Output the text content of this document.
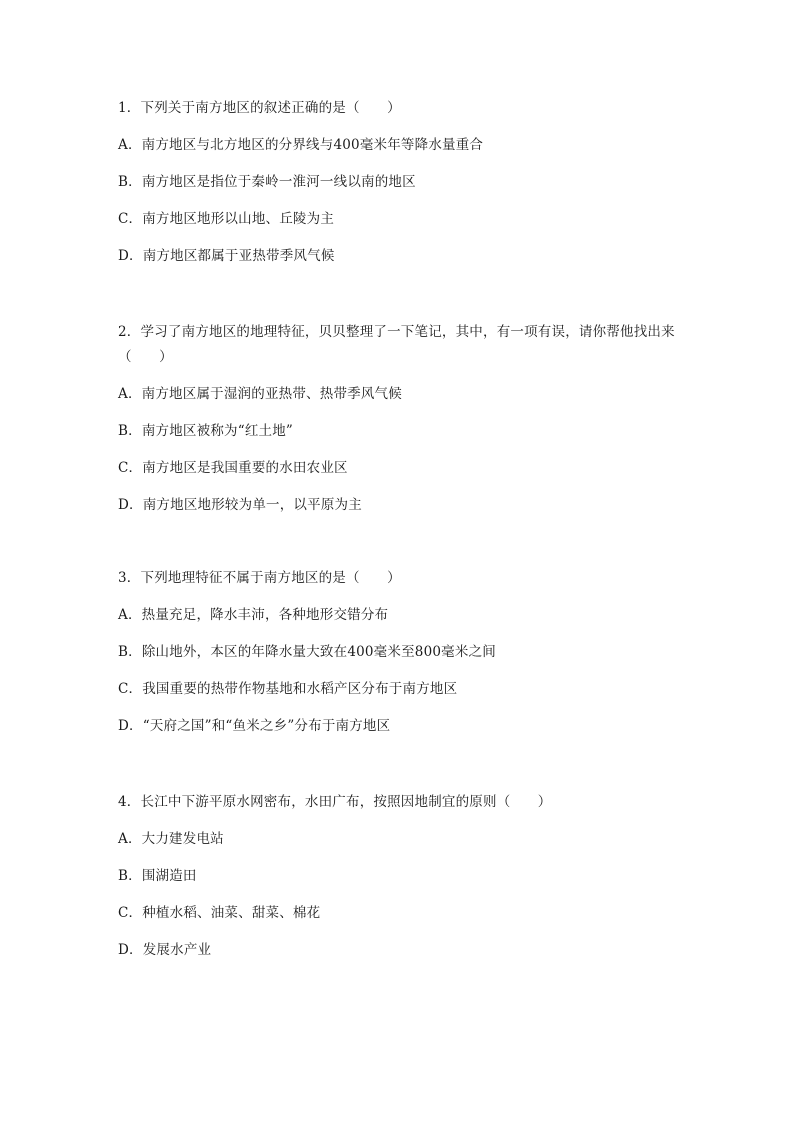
1．下列关于南方地区的叙述正确的是（　　）

A．南方地区与北方地区的分界线与400毫米年等降水量重合

B．南方地区是指位于秦岭一淮河一线以南的地区

C．南方地区地形以山地、丘陵为主

D．南方地区都属于亚热带季风气候

2．学习了南方地区的地理特征，贝贝整理了一下笔记，其中，有一项有误，请你帮他找出来（　　）

A．南方地区属于湿润的亚热带、热带季风气候

B．南方地区被称为“红土地”

C．南方地区是我国重要的水田农业区

D．南方地区地形较为单一，以平原为主

3．下列地理特征不属于南方地区的是（　　）

A．热量充足，降水丰沛，各种地形交错分布

B．除山地外，本区的年降水量大致在400毫米至800毫米之间

C．我国重要的热带作物基地和水稻产区分布于南方地区

D．“天府之国”和“鱼米之乡”分布于南方地区

4．长江中下游平原水网密布，水田广布，按照因地制宜的原则（　　）

A．大力建发电站

B．围湖造田

C．种植水稻、油菜、甜菜、棉花

D．发展水产业
